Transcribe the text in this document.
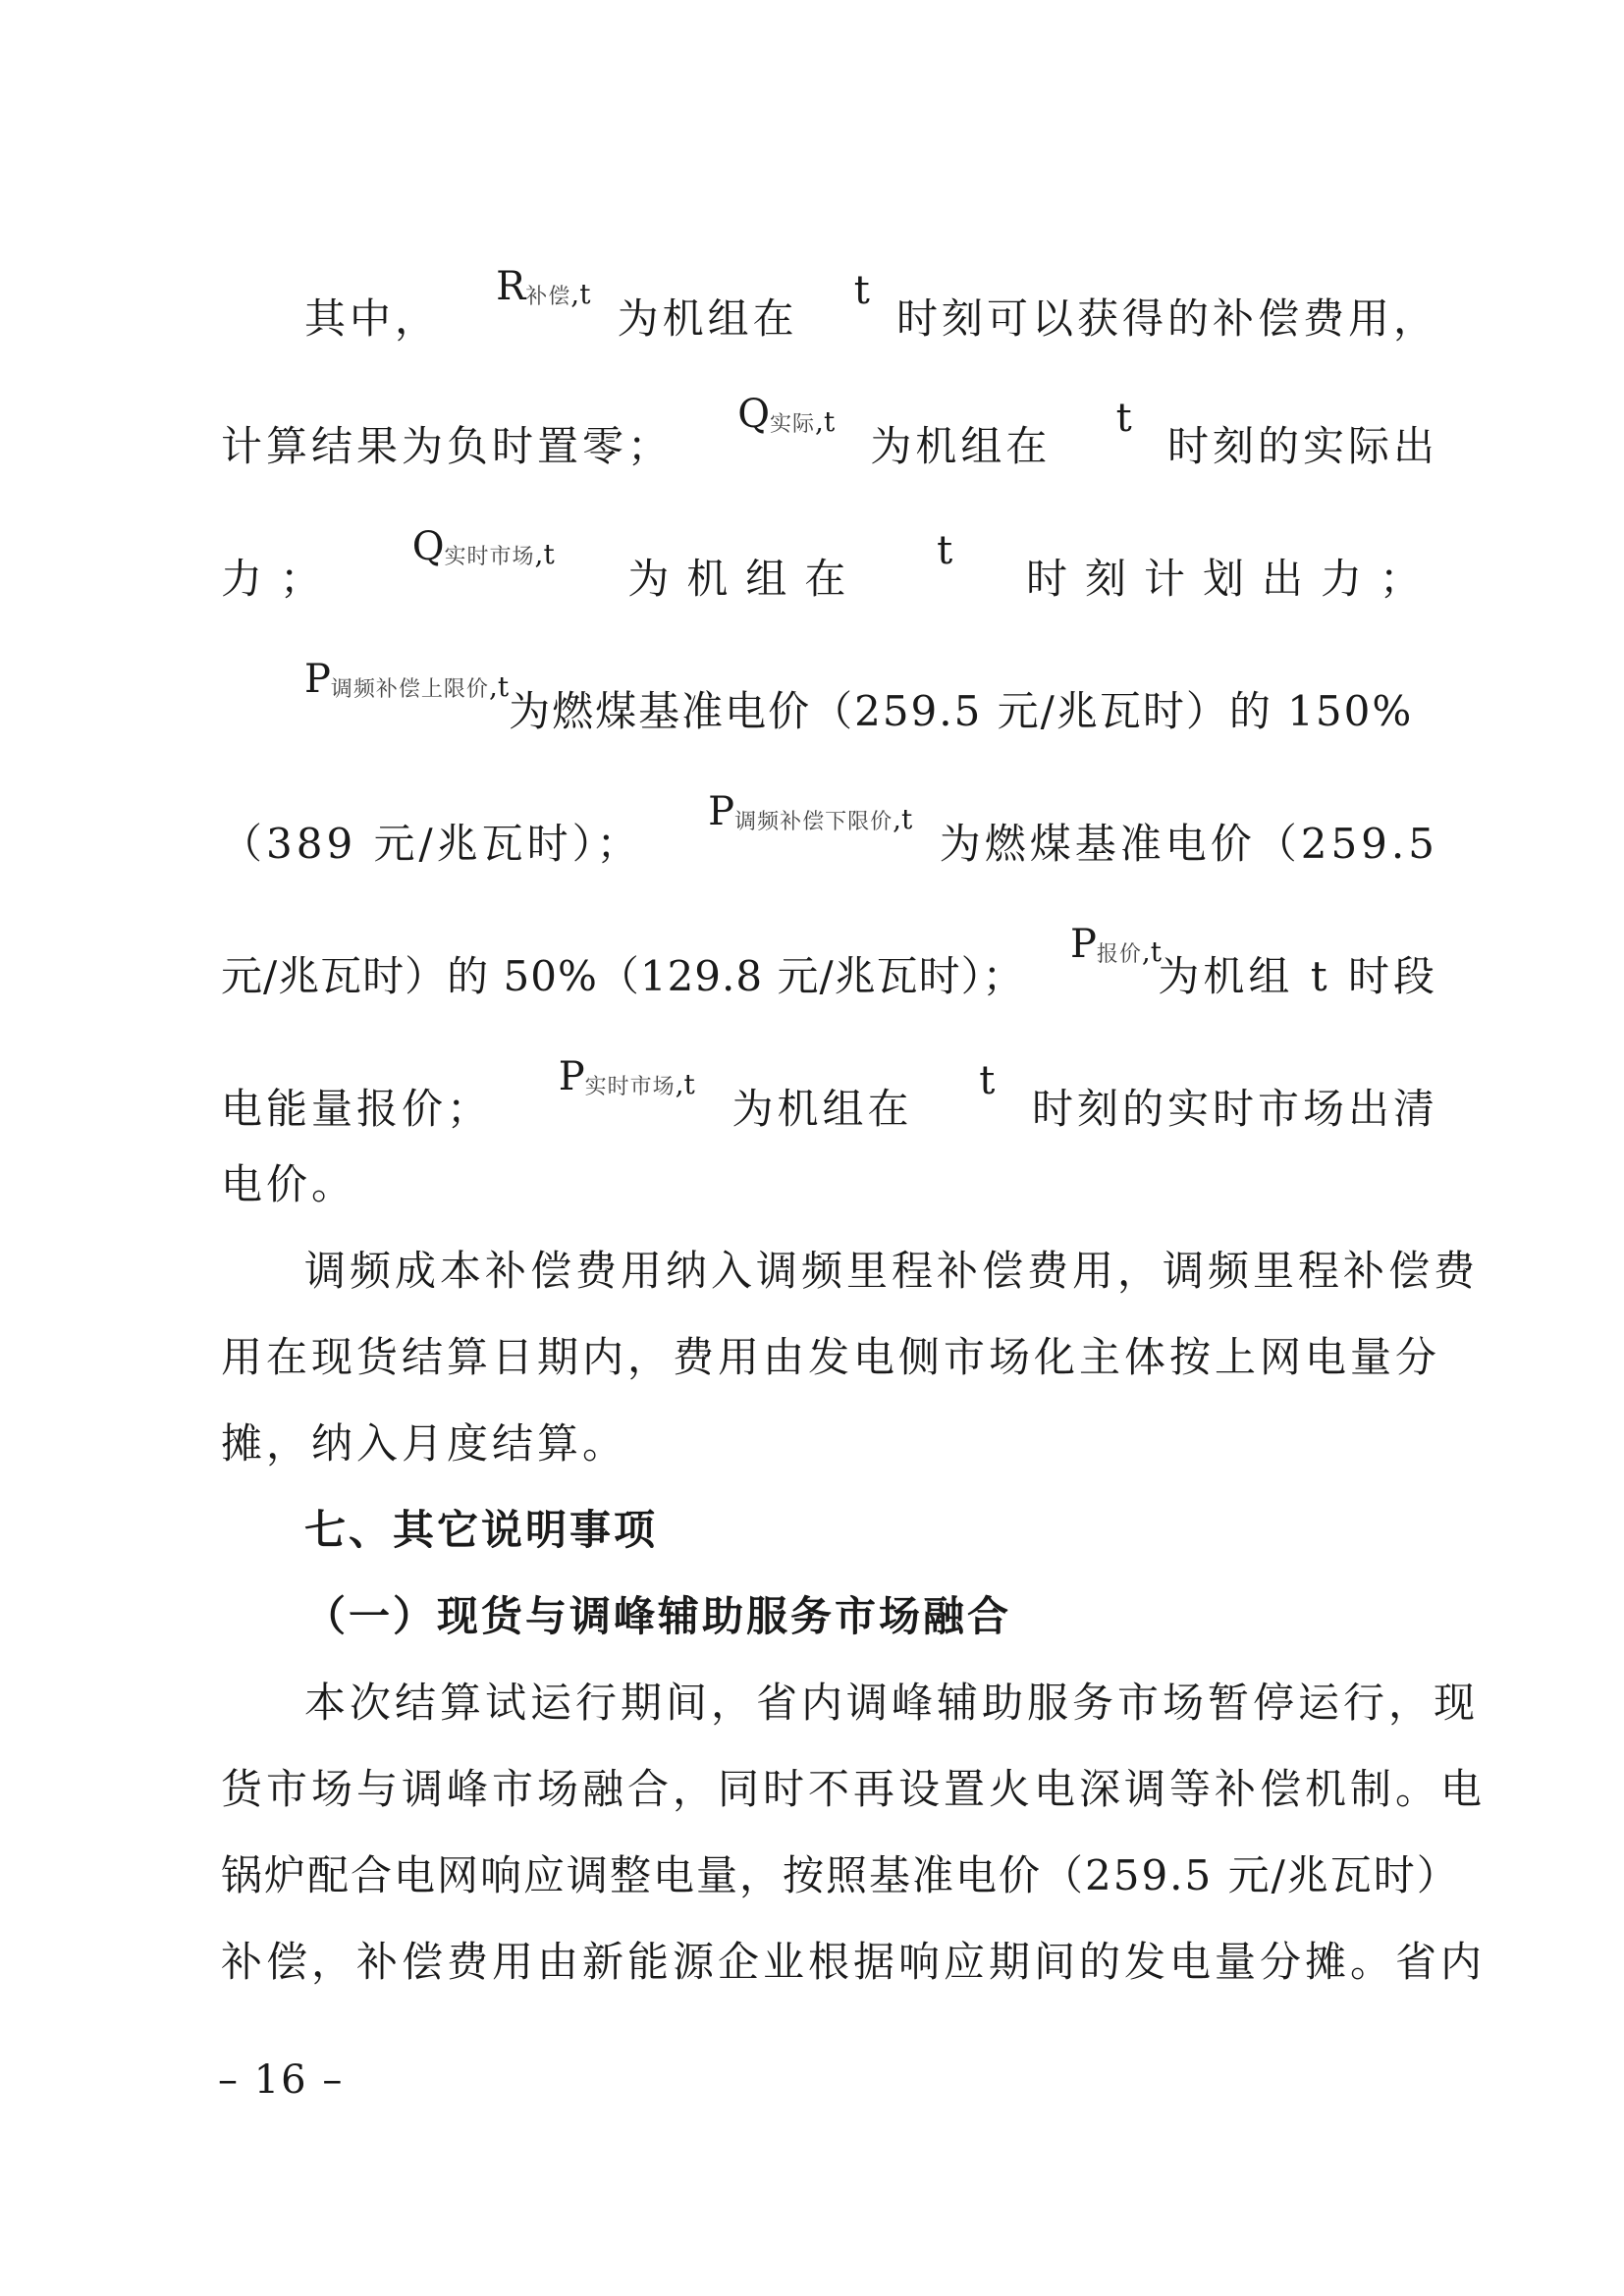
其中，
$R^{补偿,t}$
为机组在
t
时刻可以获得的补偿费用，
计算结果为负时置零；
$Q^{实际,t}$
为机组在
t
时刻的实际出
力；
$Q^{实时市场,t}$
为机组在
t
时刻计划出力；
$P^{调频补偿上限价,t}$为燃煤基准电价（259.5 元/兆瓦时）的 150%
（389 元/兆瓦时）；
$P^{调频补偿下限价,t}$
为燃煤基准电价（259.5
元/兆瓦时）的 50%（129.8 元/兆瓦时）；
$P^{报价,t}$
为机组 t 时段
电能量报价；
$P^{实时市场,t}$
为机组在
t
时刻的实时市场出清
电价。
调频成本补偿费用纳入调频里程补偿费用，调频里程补偿费
用在现货结算日期内，费用由发电侧市场化主体按上网电量分
摊，纳入月度结算。
七、其它说明事项
（一）现货与调峰辅助服务市场融合
本次结算试运行期间，省内调峰辅助服务市场暂停运行，现
货市场与调峰市场融合，同时不再设置火电深调等补偿机制。电
锅炉配合电网响应调整电量，按照基准电价（259.5 元/兆瓦时）
补偿，补偿费用由新能源企业根据响应期间的发电量分摊。省内
– 16 –
